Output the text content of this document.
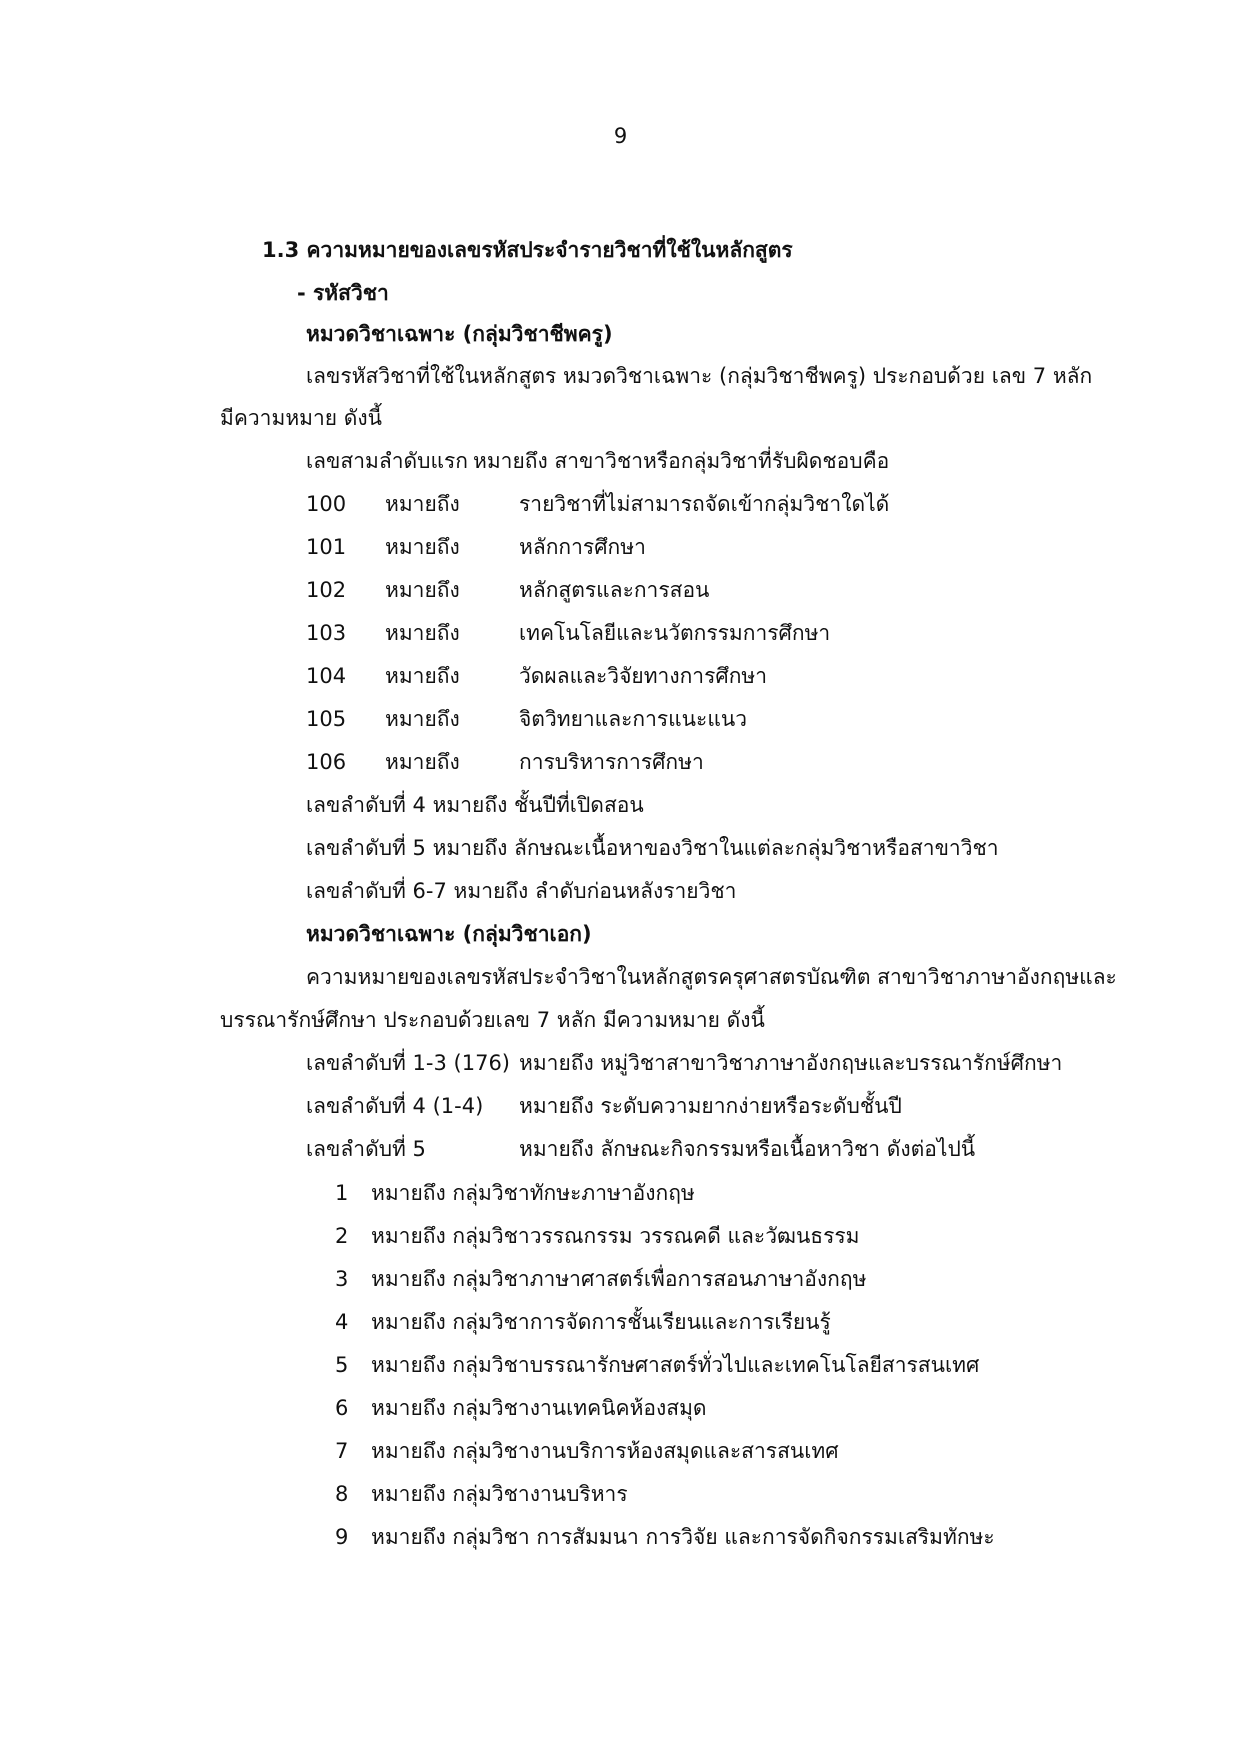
9
1.3 ความหมายของเลขรหัสประจำรายวิชาที่ใช้ในหลักสูตร
- รหัสวิชา
หมวดวิชาเฉพาะ (กลุ่มวิชาชีพครู)
เลขรหัสวิชาที่ใช้ในหลักสูตร หมวดวิชาเฉพาะ (กลุ่มวิชาชีพครู) ประกอบด้วย เลข 7 หลัก
มีความหมาย ดังนี้
เลขสามลำดับแรก หมายถึง สาขาวิชาหรือกลุ่มวิชาที่รับผิดชอบคือ
100 หมายถึง	รายวิชาที่ไม่สามารถจัดเข้ากลุ่มวิชาใดได้
101 หมายถึง	หลักการศึกษา
102 หมายถึง	หลักสูตรและการสอน
103 หมายถึง	เทคโนโลยีและนวัตกรรมการศึกษา
104 หมายถึง	วัดผลและวิจัยทางการศึกษา
105 หมายถึง	จิตวิทยาและการแนะแนว
106 หมายถึง	การบริหารการศึกษา
เลขลำดับที่ 4 หมายถึง ชั้นปีที่เปิดสอน
เลขลำดับที่ 5 หมายถึง ลักษณะเนื้อหาของวิชาในแต่ละกลุ่มวิชาหรือสาขาวิชา
เลขลำดับที่ 6-7 หมายถึง ลำดับก่อนหลังรายวิชา
หมวดวิชาเฉพาะ (กลุ่มวิชาเอก)
ความหมายของเลขรหัสประจำวิชาในหลักสูตรครุศาสตรบัณฑิต สาขาวิชาภาษาอังกฤษและ
บรรณารักษ์ศึกษา ประกอบด้วยเลข 7 หลัก มีความหมาย ดังนี้
เลขลำดับที่ 1-3 (176) หมายถึง หมู่วิชาสาขาวิชาภาษาอังกฤษและบรรณารักษ์ศึกษา
เลขลำดับที่ 4 (1-4) หมายถึง ระดับความยากง่ายหรือระดับชั้นปี
เลขลำดับที่ 5	หมายถึง ลักษณะกิจกรรมหรือเนื้อหาวิชา ดังต่อไปนี้
1 หมายถึง กลุ่มวิชาทักษะภาษาอังกฤษ
2 หมายถึง กลุ่มวิชาวรรณกรรม วรรณคดี และวัฒนธรรม
3 หมายถึง กลุ่มวิชาภาษาศาสตร์เพื่อการสอนภาษาอังกฤษ
4 หมายถึง กลุ่มวิชาการจัดการชั้นเรียนและการเรียนรู้
5 หมายถึง กลุ่มวิชาบรรณารักษศาสตร์ทั่วไปและเทคโนโลยีสารสนเทศ
6 หมายถึง กลุ่มวิชางานเทคนิคห้องสมุด
7 หมายถึง กลุ่มวิชางานบริการห้องสมุดและสารสนเทศ
8 หมายถึง กลุ่มวิชางานบริหาร
9 หมายถึง กลุ่มวิชา การสัมมนา การวิจัย และการจัดกิจกรรมเสริมทักษะ
